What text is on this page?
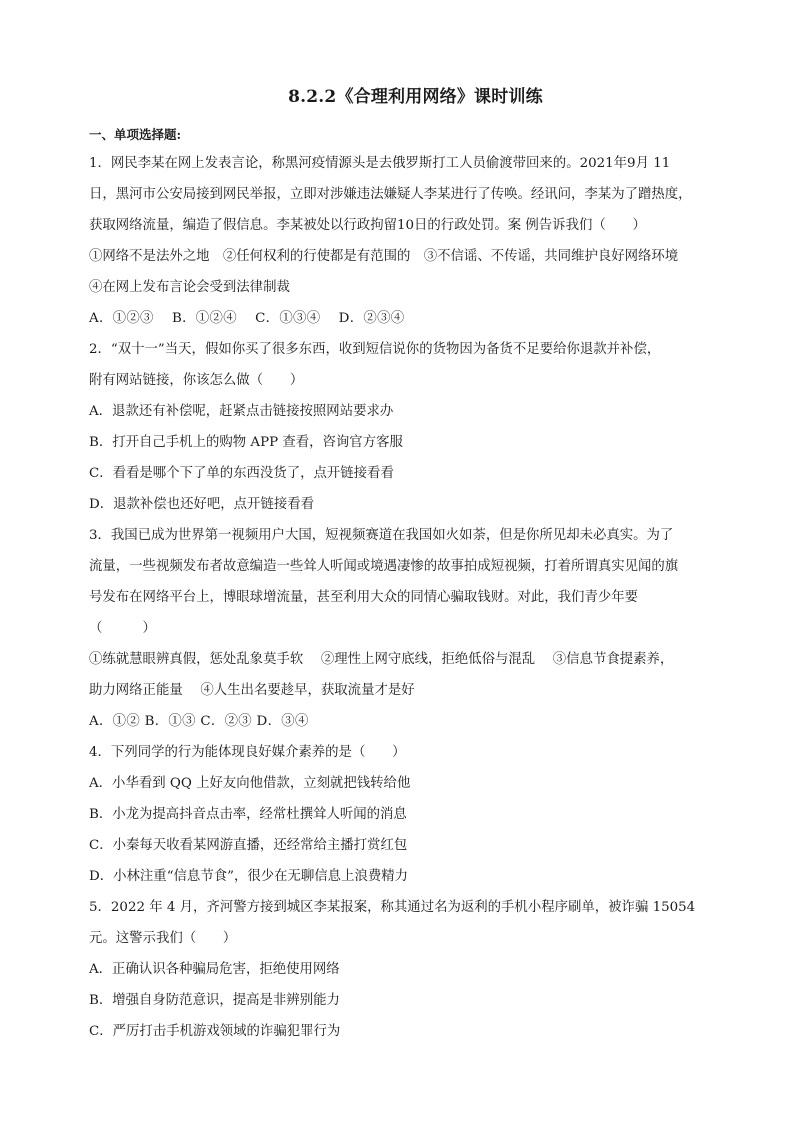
8.2.2《合理利用网络》课时训练

一、单项选择题:

1．网民李某在网上发表言论，称黑河疫情源头是去俄罗斯打工人员偷渡带回来的。2021年9月 11

日，黑河市公安局接到网民举报，立即对涉嫌违法嫌疑人李某进行了传唤。经讯问，李某为了蹭热度，

获取网络流量，编造了假信息。李某被处以行政拘留10日的行政处罚。案 例告诉我们（　　）

①网络不是法外之地　②任何权利的行使都是有范围的　③不信谣、不传谣，共同维护良好网络环境

④在网上发布言论会受到法律制裁

A．①②③　 B．①②④　 C．①③④　 D．②③④

2．“双十一”当天，假如你买了很多东西，收到短信说你的货物因为备货不足要给你退款并补偿，

附有网站链接，你该怎么做（　　）

A．退款还有补偿呢，赶紧点击链接按照网站要求办

B．打开自己手机上的购物 APP 查看，咨询官方客服

C．看看是哪个下了单的东西没货了，点开链接看看

D．退款补偿也还好吧，点开链接看看

3．我国已成为世界第一视频用户大国，短视频赛道在我国如火如荼，但是你所见却未必真实。为了

流量，一些视频发布者故意编造一些耸人听闻或境遇凄惨的故事拍成短视频，打着所谓真实见闻的旗

号发布在网络平台上，博眼球增流量，甚至利用大众的同情心骗取钱财。对此，我们青少年要

（　　　）

①练就慧眼辨真假，惩处乱象莫手软　 ②理性上网守底线，拒绝低俗与混乱　 ③信息节食提素养，

助力网络正能量　 ④人生出名要趁早，获取流量才是好

A．①② B．①③ C．②③ D．③④

4．下列同学的行为能体现良好媒介素养的是（　　）

A．小华看到 QQ 上好友向他借款，立刻就把钱转给他

B．小龙为提高抖音点击率，经常杜撰耸人听闻的消息

C．小秦每天收看某网游直播，还经常给主播打赏红包

D．小林注重“信息节食”，很少在无聊信息上浪费精力

5．2022 年 4 月，齐河警方接到城区李某报案，称其通过名为返利的手机小程序刷单，被诈骗 15054

元。这警示我们（　　）

A．正确认识各种骗局危害，拒绝使用网络

B．增强自身防范意识，提高是非辨别能力

C．严厉打击手机游戏领域的诈骗犯罪行为
